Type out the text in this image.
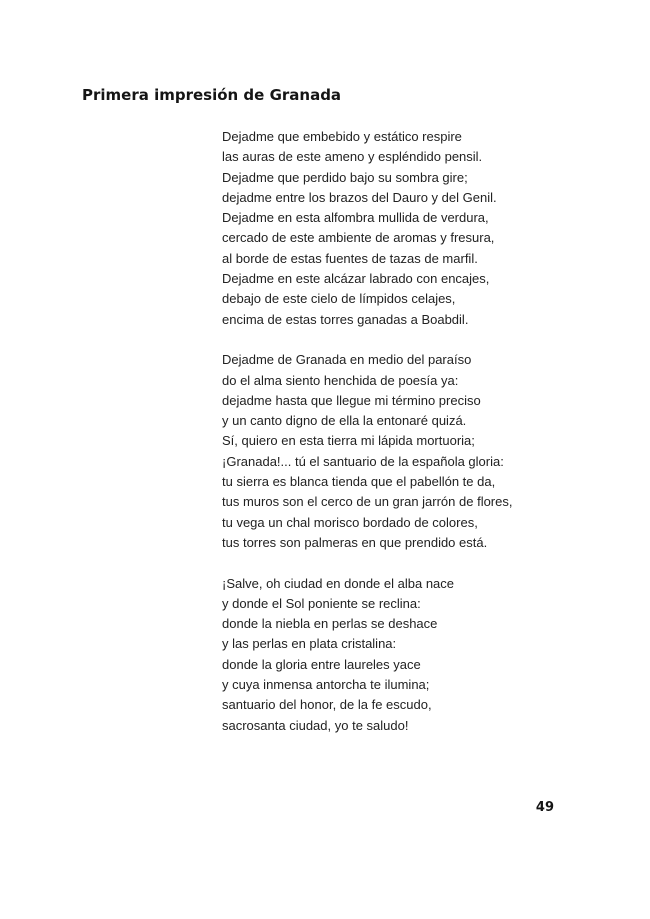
Primera impresión de Granada
Dejadme que embebido y estático respire
las auras de este ameno y espléndido pensil.
Dejadme que perdido bajo su sombra gire;
dejadme entre los brazos del Dauro y del Genil.
Dejadme en esta alfombra mullida de verdura,
cercado de este ambiente de aromas y fresura,
al borde de estas fuentes de tazas de marfil.
Dejadme en este alcázar labrado con encajes,
debajo de este cielo de límpidos celajes,
encima de estas torres ganadas a Boabdil.
Dejadme de Granada en medio del paraíso
do el alma siento henchida de poesía ya:
dejadme hasta que llegue mi término preciso
y un canto digno de ella la entonaré quizá.
Sí, quiero en esta tierra mi lápida mortuoria;
¡Granada!... tú el santuario de la española gloria:
tu sierra es blanca tienda que el pabellón te da,
tus muros son el cerco de un gran jarrón de flores,
tu vega un chal morisco bordado de colores,
tus torres son palmeras en que prendido está.
¡Salve, oh ciudad en donde el alba nace
y donde el Sol poniente se reclina:
donde la niebla en perlas se deshace
y las perlas en plata cristalina:
donde la gloria entre laureles yace
y cuya inmensa antorcha te ilumina;
santuario del honor, de la fe escudo,
sacrosanta ciudad, yo te saludo!
49
